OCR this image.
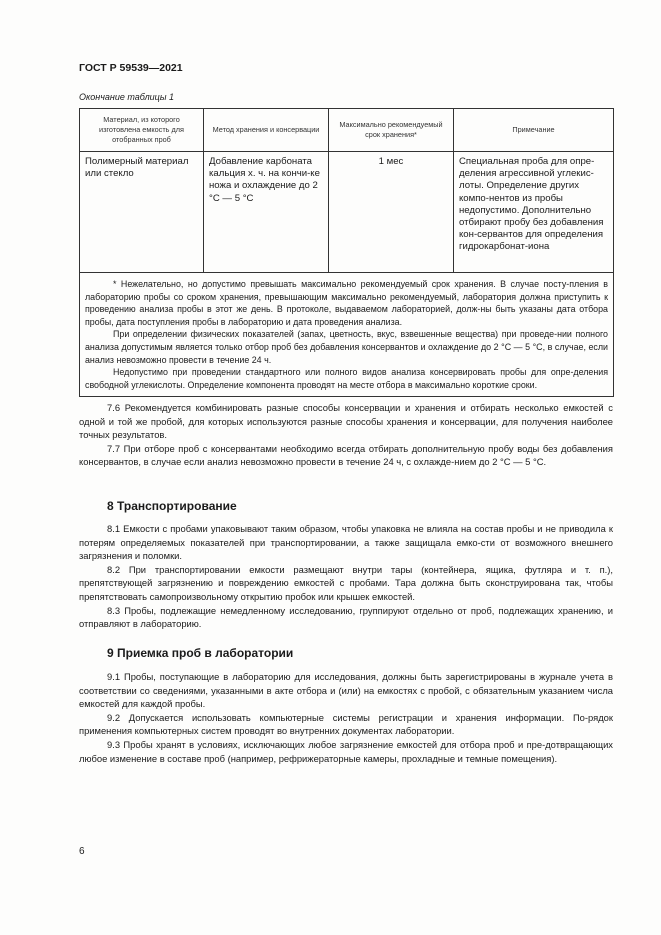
ГОСТ Р 59539—2021
Окончание таблицы 1
Материал, из которого изготовлена емкость для отобранных проб	Метод хранения и консервации	Максимально рекомендуемый срок хранения*	Примечание
Полимерный материал или стекло	Добавление карбоната кальция х. ч. на кончи-ке ножа и охлаждение до 2 °С — 5 °С	1 мес	Специальная проба для опре-деления агрессивной углекис-лоты. Определение других компо-нентов из пробы недопустимо. Дополнительно отбирают пробу без добавления кон-сервантов для определения гидрокарбонат-иона

* Нежелательно, но допустимо превышать максимально рекомендуемый срок хранения. В случае посту-пления в лабораторию пробы со сроком хранения, превышающим максимально рекомендуемый, лаборатория должна приступить к проведению анализа пробы в этот же день. В протоколе, выдаваемом лабораторией, долж-ны быть указаны дата отбора пробы, дата поступления пробы в лабораторию и дата проведения анализа.

При определении физических показателей (запах, цветность, вкус, взвешенные вещества) при проведе-нии полного анализа допустимым является только отбор проб без добавления консервантов и охлаждение до 2 °С — 5 °С, в случае, если анализ невозможно провести в течение 24 ч.

Недопустимо при проведении стандартного или полного видов анализа консервировать пробы для опре-деления свободной углекислоты. Определение компонента проводят на месте отбора в максимально короткие сроки.			

7.6 Рекомендуется комбинировать разные способы консервации и хранения и отбирать несколько емкостей с одной и той же пробой, для которых используются разные способы хранения и консервации, для получения наиболее точных результатов.

7.7 При отборе проб с консервантами необходимо всегда отбирать дополнительную пробу воды без добавления консервантов, в случае если анализ невозможно провести в течение 24 ч, с охлажде-нием до 2 °С — 5 °С.

8 Транспортирование

8.1 Емкости с пробами упаковывают таким образом, чтобы упаковка не влияла на состав пробы и не приводила к потерям определяемых показателей при транспортировании, а также защищала емко-сти от возможного внешнего загрязнения и поломки.

8.2 При транспортировании емкости размещают внутри тары (контейнера, ящика, футляра и т. п.), препятствующей загрязнению и повреждению емкостей с пробами. Тара должна быть сконструирована так, чтобы препятствовать самопроизвольному открытию пробок или крышек емкостей.

8.3 Пробы, подлежащие немедленному исследованию, группируют отдельно от проб, подлежащих хранению, и отправляют в лабораторию.

9 Приемка проб в лаборатории

9.1 Пробы, поступающие в лабораторию для исследования, должны быть зарегистрированы в журнале учета в соответствии со сведениями, указанными в акте отбора и (или) на емкостях с пробой, с обязательным указанием числа емкостей для каждой пробы.

9.2 Допускается использовать компьютерные системы регистрации и хранения информации. По-рядок применения компьютерных систем проводят во внутренних документах лаборатории.

9.3 Пробы хранят в условиях, исключающих любое загрязнение емкостей для отбора проб и пре-дотвращающих любое изменение в составе проб (например, рефрижераторные камеры, прохладные и темные помещения).

6
